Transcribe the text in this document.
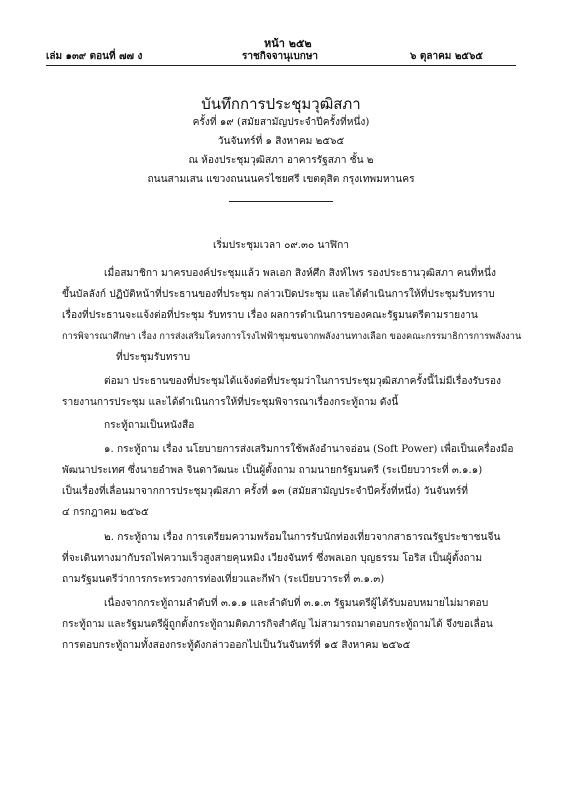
หน้า ๒๕๒
เล่ม ๑๓๙ ตอนที่ ๗๗ ง	ราชกิจจานุเบกษา	๖ ตุลาคม ๒๕๖๕
บันทึกการประชุมวุฒิสภา
ครั้งที่ ๑๙ (สมัยสามัญประจำปีครั้งที่หนึ่ง)
วันจันทร์ที่ ๑ สิงหาคม ๒๕๖๕
ณ ห้องประชุมวุฒิสภา อาคารรัฐสภา ชั้น ๒
ถนนสามเสน แขวงถนนนครไชยศรี เขตดุสิต กรุงเทพมหานคร
เริ่มประชุมเวลา ๐๙.๓๐ นาฬิกา
เมื่อสมาชิกา มาครบองค์ประชุมแล้ว พลเอก สิงห์ศึก สิงห์ไพร รองประธานวุฒิสภา คนที่หนึ่ง
ขึ้นบัลลังก์ ปฏิบัติหน้าที่ประธานของที่ประชุม กล่าวเปิดประชุม และได้ดำเนินการให้ที่ประชุมรับทราบ
เรื่องที่ประธานจะแจ้งต่อที่ประชุม รับทราบ เรื่อง ผลการดำเนินการของคณะรัฐมนตรีตามรายงาน
การพิจารณาศึกษา เรื่อง การส่งเสริมโครงการโรงไฟฟ้าชุมชนจากพลังงานทางเลือก ของคณะกรรมาธิการการพลังงาน
ที่ประชุมรับทราบ
ต่อมา ประธานของที่ประชุมได้แจ้งต่อที่ประชุมว่าในการประชุมวุฒิสภาครั้งนี้ไม่มีเรื่องรับรอง
รายงานการประชุม และได้ดำเนินการให้ที่ประชุมพิจารณาเรื่องกระทู้ถาม ดังนี้
กระทู้ถามเป็นหนังสือ
๑. กระทู้ถาม เรื่อง นโยบายการส่งเสริมการใช้พลังอำนาจอ่อน (Soft Power) เพื่อเป็นเครื่องมือ
พัฒนาประเทศ ซึ่งนายอำพล จินดาวัฒนะ เป็นผู้ตั้งถาม ถามนายกรัฐมนตรี (ระเบียบวาระที่ ๓.๑.๑)
เป็นเรื่องที่เลื่อนมาจากการประชุมวุฒิสภา ครั้งที่ ๑๓ (สมัยสามัญประจำปีครั้งที่หนึ่ง) วันจันทร์ที่
๔ กรกฎาคม ๒๕๖๕
๒. กระทู้ถาม เรื่อง การเตรียมความพร้อมในการรับนักท่องเที่ยวจากสาธารณรัฐประชาชนจีน
ที่จะเดินทางมากับรถไฟความเร็วสูงสายคุนหมิง เวียงจันทร์ ซึ่งพลเอก บุญธรรม โอริส เป็นผู้ตั้งถาม
ถามรัฐมนตรีว่าการกระทรวงการท่องเที่ยวและกีฬา (ระเบียบวาระที่ ๓.๑.๓)
เนื่องจากกระทู้ถามลำดับที่ ๓.๑.๑ และลำดับที่ ๓.๑.๓ รัฐมนตรีผู้ได้รับมอบหมายไม่มาตอบ
กระทู้ถาม และรัฐมนตรีผู้ถูกตั้งกระทู้ถามติดภารกิจสำคัญ ไม่สามารถมาตอบกระทู้ถามได้ จึงขอเลื่อน
การตอบกระทู้ถามทั้งสองกระทู้ดังกล่าวออกไปเป็นวันจันทร์ที่ ๑๕ สิงหาคม ๒๕๖๕
